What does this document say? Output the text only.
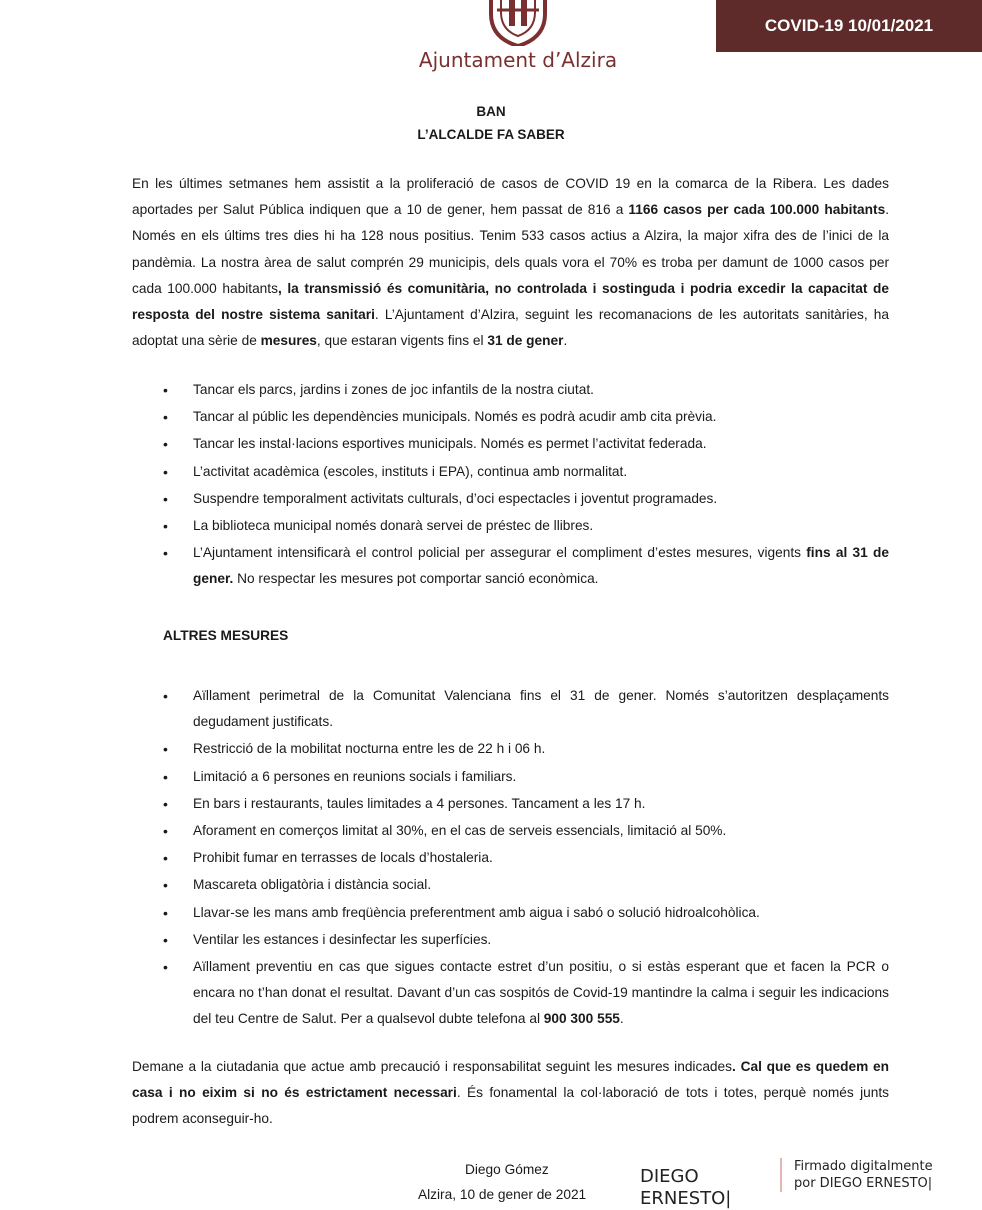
COVID-19 10/01/2021
Ajuntament d’Alzira
BAN
L’ALCALDE FA SABER
En les últimes setmanes hem assistit a la proliferació de casos de COVID 19 en la comarca de la Ribera. Les dades aportades per Salut Pública indiquen que a 10 de gener, hem passat de 816 a 1166 casos per cada 100.000 habitants. Només en els últims tres dies hi ha 128 nous positius. Tenim 533 casos actius a Alzira, la major xifra des de l’inici de la pandèmia. La nostra àrea de salut comprén 29 municipis, dels quals vora el 70% es troba per damunt de 1000 casos per cada 100.000 habitants, la transmissió és comunitària, no controlada i sostinguda i podria excedir la capacitat de resposta del nostre sistema sanitari. L’Ajuntament d’Alzira, seguint les recomanacions de les autoritats sanitàries, ha adoptat una sèrie de mesures, que estaran vigents fins el 31 de gener.
• Tancar els parcs, jardins i zones de joc infantils de la nostra ciutat.
• Tancar al públic les dependències municipals. Només es podrà acudir amb cita prèvia.
• Tancar les instal·lacions esportives municipals. Només es permet l’activitat federada.
• L’activitat acadèmica (escoles, instituts i EPA), continua amb normalitat.
• Suspendre temporalment activitats culturals, d’oci espectacles i joventut programades.
• La biblioteca municipal només donarà servei de préstec de llibres.
• L’Ajuntament intensificarà el control policial per assegurar el compliment d’estes mesures, vigents fins al 31 de gener. No respectar les mesures pot comportar sanció econòmica.
ALTRES MESURES
• Aïllament perimetral de la Comunitat Valenciana fins el 31 de gener. Només s’autoritzen desplaçaments degudament justificats.
• Restricció de la mobilitat nocturna entre les de 22 h i 06 h.
• Limitació a 6 persones en reunions socials i familiars.
• En bars i restaurants, taules limitades a 4 persones. Tancament a les 17 h.
• Aforament en comerços limitat al 30%, en el cas de serveis essencials, limitació al 50%.
• Prohibit fumar en terrasses de locals d’hostaleria.
• Mascareta obligatòria i distància social.
• Llavar-se les mans amb freqüència preferentment amb aigua i sabó o solució hidroalcohòlica.
• Ventilar les estances i desinfectar les superfícies.
• Aïllament preventiu en cas que sigues contacte estret d’un positiu, o si estàs esperant que et facen la PCR o encara no t’han donat el resultat. Davant d’un cas sospitós de Covid-19 mantindre la calma i seguir les indicacions del teu Centre de Salut. Per a qualsevol dubte telefona al 900 300 555.
Demane a la ciutadania que actue amb precaució i responsabilitat seguint les mesures indicades. Cal que es quedem en casa i no eixim si no és estrictament necessari. És fonamental la col·laboració de tots i totes, perquè només junts podrem aconseguir-ho.
Diego Gómez
Alzira, 10 de gener de 2021
DIEGO
ERNESTO|
Firmado digitalmente
por DIEGO ERNESTO|
